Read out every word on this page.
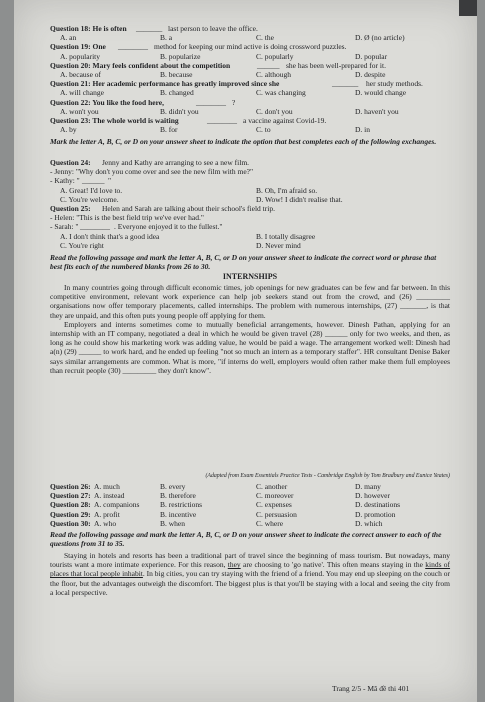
Question 18: He is often _______ last person to leave the office.
A. an	B. a	C. the	D. Ø (no article)
Question 19: One ________ method for keeping our mind active is doing crossword puzzles.
A. popularity	B. popularize	C. popularly	D. popular
Question 20: Mary feels confident about the competition	______ she has been well-prepared for it.
A. because of	B. because	C. although	D. despite
Question 21: Her academic performance has greatly improved since she	_______ her study methods.
A. will change	B. changed	C. was changing	D. would change
Question 22: You like the food here,	________ ?
A. won't you	B. didn't you	C. don't you	D. haven't you
Question 23: The whole world is waiting	________ a vaccine against Covid-19.
A. by	B. for	C. to	D. in
Mark the letter A, B, C, or D on your answer sheet to indicate the option that best completes each of the following exchanges.
Question 24: Jenny and Kathy are arranging to see a new film.
- Jenny: "Why don't you come over and see the new film with me?"
- Kathy: " ______ "
A. Great! I'd love to.	B. Oh, I'm afraid so.
C. You're welcome.	D. Wow! I didn't realise that.
Question 25: Helen and Sarah are talking about their school's field trip.
- Helen: "This is the best field trip we've ever had."
- Sarah: " ________ . Everyone enjoyed it to the fullest."
A. I don't think that's a good idea	B. I totally disagree
C. You're right	D. Never mind
Read the following passage and mark the letter A, B, C, or D on your answer sheet to indicate the correct word or phrase that best fits each of the numbered blanks from 26 to 30.
INTERNSHIPS

In many countries going through difficult economic times, job openings for new graduates can be few and far between. In this competitive environment, relevant work experience can help job seekers stand out from the crowd, and (26) _________ organisations now offer temporary placements, called internships. The problem with numerous internships, (27) _______, is that they are unpaid, and this often puts young people off applying for them.

Employers and interns sometimes come to mutually beneficial arrangements, however. Dinesh Pathan, applying for an internship with an IT company, negotiated a deal in which he would be given travel (28) ______ only for two weeks, and then, as long as he could show his marketing work was adding value, he would be paid a wage. The arrangement worked well: Dinesh had a(n) (29) ______ to work hard, and he ended up feeling "not so much an intern as a temporary staffer". HR consultant Denise Baker says similar arrangements are common. What is more, "if interns do well, employers would often rather make them full employees than recruit people (30) _________ they don't know".

(Adapted from Exam Essentials Practice Tests - Cambridge English by Tom Bradbury and Eunice Yeates)
Question 26: A. much	B. every	C. another	D. many
Question 27: A. instead	B. therefore	C. moreover	D. however
Question 28: A. companions	B. restrictions	C. expenses	D. destinations
Question 29: A. profit	B. incentive	C. persuasion	D. promotion
Question 30: A. who	B. when	C. where	D. which
Read the following passage and mark the letter A, B, C, or D on your answer sheet to indicate the correct answer to each of the questions from 31 to 35.

Staying in hotels and resorts has been a traditional part of travel since the beginning of mass tourism. But nowadays, many tourists want a more intimate experience. For this reason, they are choosing to 'go native'. This often means staying in the kinds of places that local people inhabit. In big cities, you can try staying with the friend of a friend. You may end up sleeping on the couch or the floor, but the advantages outweigh the discomfort. The biggest plus is that you'll be staying with a local and seeing the city from a local perspective.

Trang 2/5 - Mã đề thi 401
